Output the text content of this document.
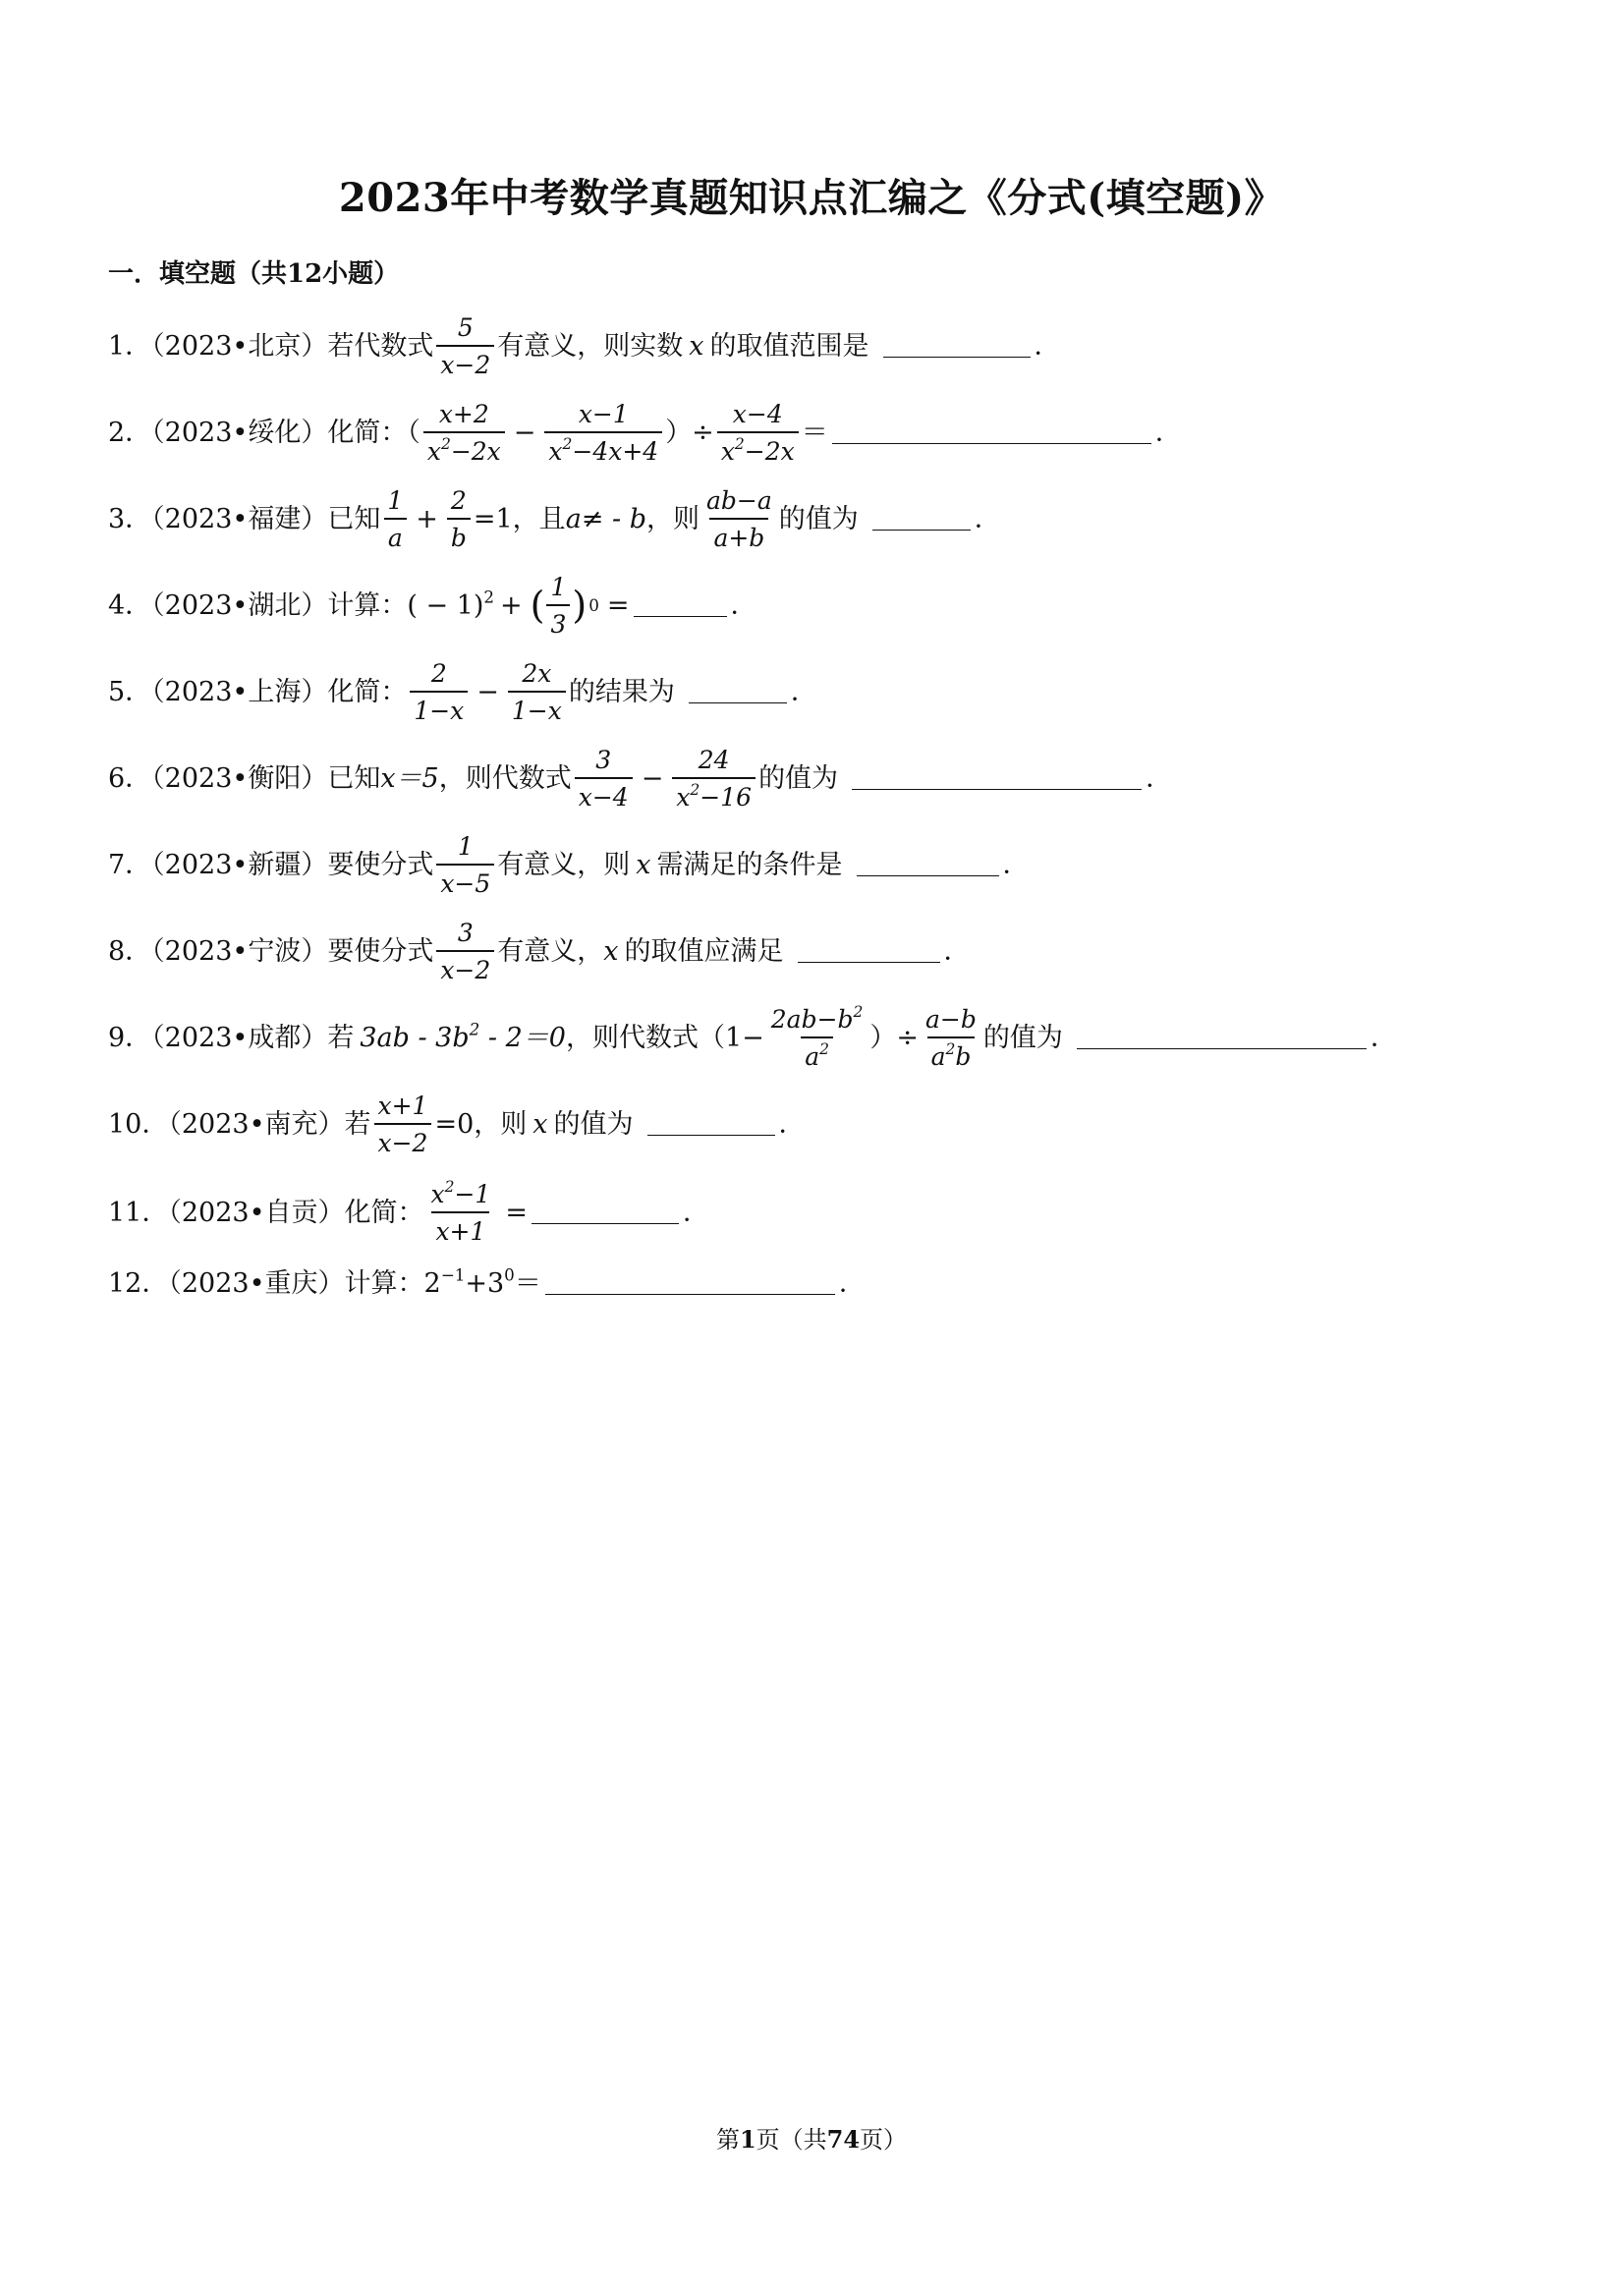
2023年中考数学真题知识点汇编之《分式(填空题)》
一．填空题（共12小题）
1．（2023•北京）若代数式 $\frac{5}{x-2}$ 有意义，则实数 x 的取值范围是	．
2．（2023•绥化）化简：（ $\frac{x+2}{x^2-2x} - \frac{x-1}{x^2-4x+4}$ ）÷ $\frac{x-4}{x^2-2x}$ ＝	．
3．（2023•福建）已知 $\frac{1}{a} + \frac{2}{b} =1$，且 a≠ - b ，则 $\frac{ab-a}{a+b}$ 的值为	．
4．（2023•湖北）计算： ( − 1)$^2$ + ( $\frac{1}{3}$ ) 0 =	．
5．（2023•上海）化简： $\frac{2}{1-x} - \frac{2x}{1-x}$ 的结果为	．
6．（2023•衡阳）已知 x＝5 ，则代数式 $\frac{3}{x-4} - \frac{24}{x^2-16}$ 的值为	．
7．（2023•新疆）要使分式 $\frac{1}{x-5}$ 有意义，则 x 需满足的条件是	．
8．（2023•宁波）要使分式 $\frac{3}{x-2}$ 有意义， x 的取值应满足	．
9．（2023•成都）若 $3ab - 3b^2 - 2=0$ ，则代数式（$1- \frac{2ab-b^2}{a^2}$ ）÷ $\frac{a-b}{a^2b}$ 的值为	．
10．（2023•南充）若 $\frac{x+1}{x-2} =0$，则 x 的值为	．
11．（2023•自贡）化简： $\frac{x^2-1}{x+1}$ =	．
12．（2023•重庆）计算： $2^{-1}+3^0$ ＝	．
第1页（共74页）
